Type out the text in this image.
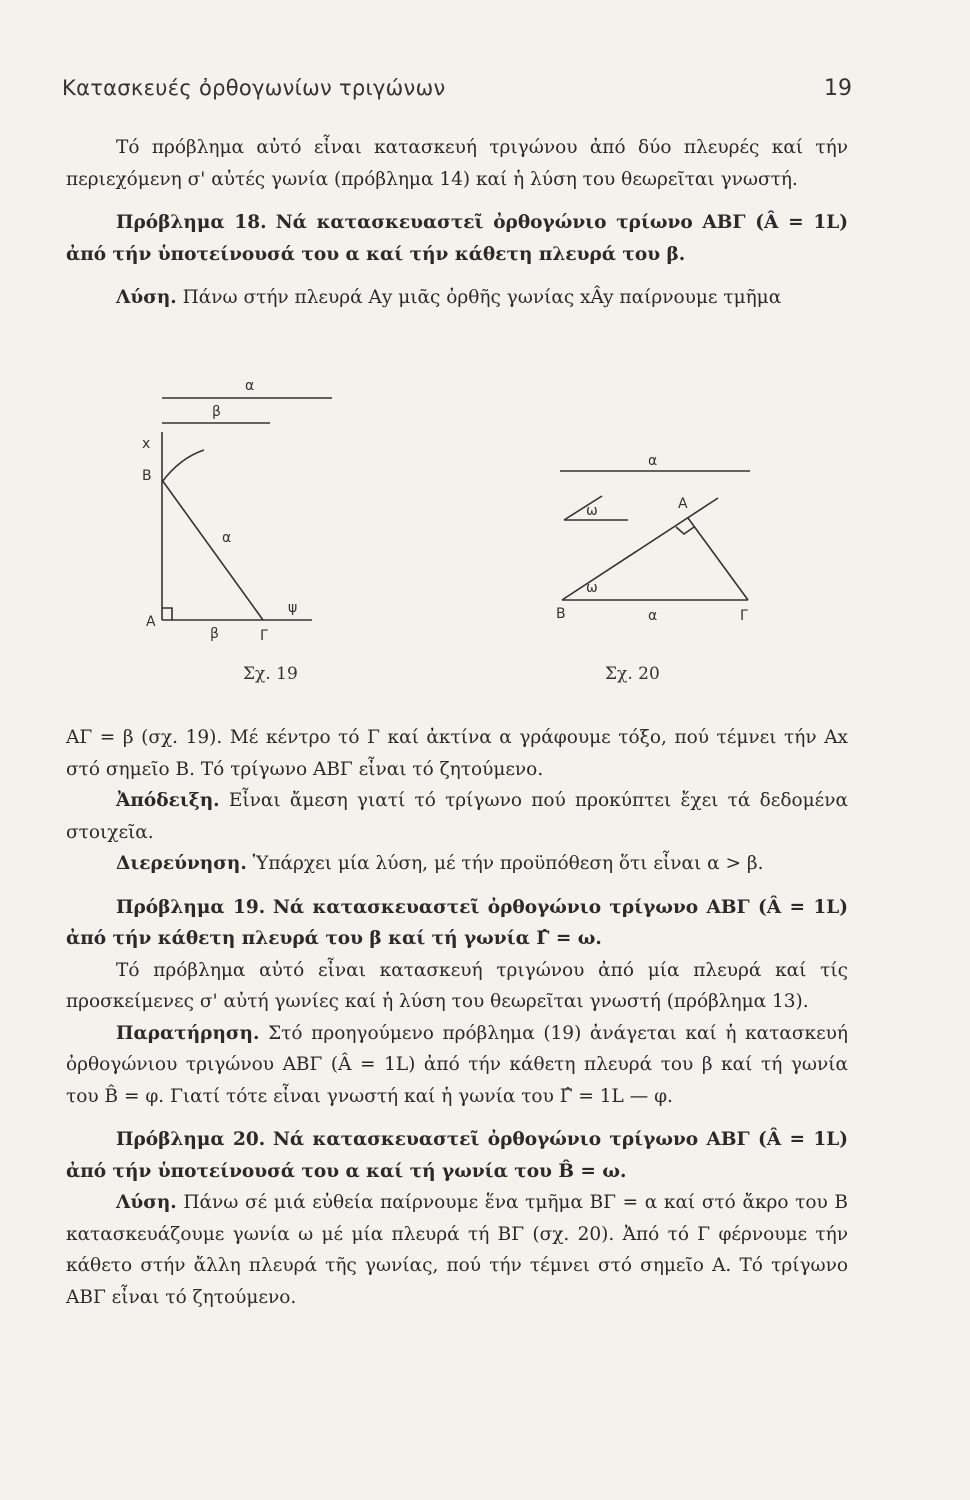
Κατασκευές ὀρθογωνίων τριγώνων	19

Τό πρόβλημα αὐτό εἶναι κατασκευή τριγώνου ἀπό δύο πλευρές καί τήν περιεχόμενη σ' αὐτές γωνία (πρόβλημα 14) καί ἡ λύση του θεωρεῖται γνωστή.

Πρόβλημα 18. Νά κατασκευαστεῖ ὀρθογώνιο τρίωνο ΑΒΓ (Â = 1L) ἀπό τήν ὑποτείνουσά του α καί τήν κάθετη πλευρά του β.

Λύση. Πάνω στήν πλευρά Αy μιᾶς ὀρθῆς γωνίας xÂy παίρνουμε τμῆμα

α
β
x
Β
Α
α
ψ
β	Γ
α
ω	Α
ω
Β	α	Γ
Σχ. 19	Σχ. 20

ΑΓ = β (σχ. 19). Μέ κέντρο τό Γ καί ἀκτίνα α γράφουμε τόξο, πού τέμνει τήν Αx στό σημεῖο Β. Τό τρίγωνο ΑΒΓ εἶναι τό ζητούμενο.

Ἀπόδειξη. Εἶναι ἄμεση γιατί τό τρίγωνο πού προκύπτει ἔχει τά δεδομένα στοιχεῖα.

Διερεύνηση. Ὑπάρχει μία λύση, μέ τήν προϋπόθεση ὅτι εἶναι α > β.

Πρόβλημα 19. Νά κατασκευαστεῖ ὀρθογώνιο τρίγωνο ΑΒΓ (Â = 1L) ἀπό τήν κάθετη πλευρά του β καί τή γωνία Γ̂ = ω.

Τό πρόβλημα αὐτό εἶναι κατασκευή τριγώνου ἀπό μία πλευρά καί τίς προσκείμενες σ' αὐτή γωνίες καί ἡ λύση του θεωρεῖται γνωστή (πρόβλημα 13).

Παρατήρηση. Στό προηγούμενο πρόβλημα (19) ἀνάγεται καί ἡ κατασκευή ὀρθογώνιου τριγώνου ΑΒΓ (Â = 1L) ἀπό τήν κάθετη πλευρά του β καί τή γωνία του B̂ = φ. Γιατί τότε εἶναι γνωστή καί ἡ γωνία του Γ̂ = 1L — φ.

Πρόβλημα 20. Νά κατασκευαστεῖ ὀρθογώνιο τρίγωνο ΑΒΓ (Â = 1L) ἀπό τήν ὑποτείνουσά του α καί τή γωνία του B̂ = ω.

Λύση. Πάνω σέ μιά εὐθεία παίρνουμε ἕνα τμῆμα ΒΓ = α καί στό ἄκρο του Β κατασκευάζουμε γωνία ω μέ μία πλευρά τή ΒΓ (σχ. 20). Ἀπό τό Γ φέρνουμε τήν κάθετο στήν ἄλλη πλευρά τῆς γωνίας, πού τήν τέμνει στό σημεῖο Α. Τό τρίγωνο ΑΒΓ εἶναι τό ζητούμενο.
